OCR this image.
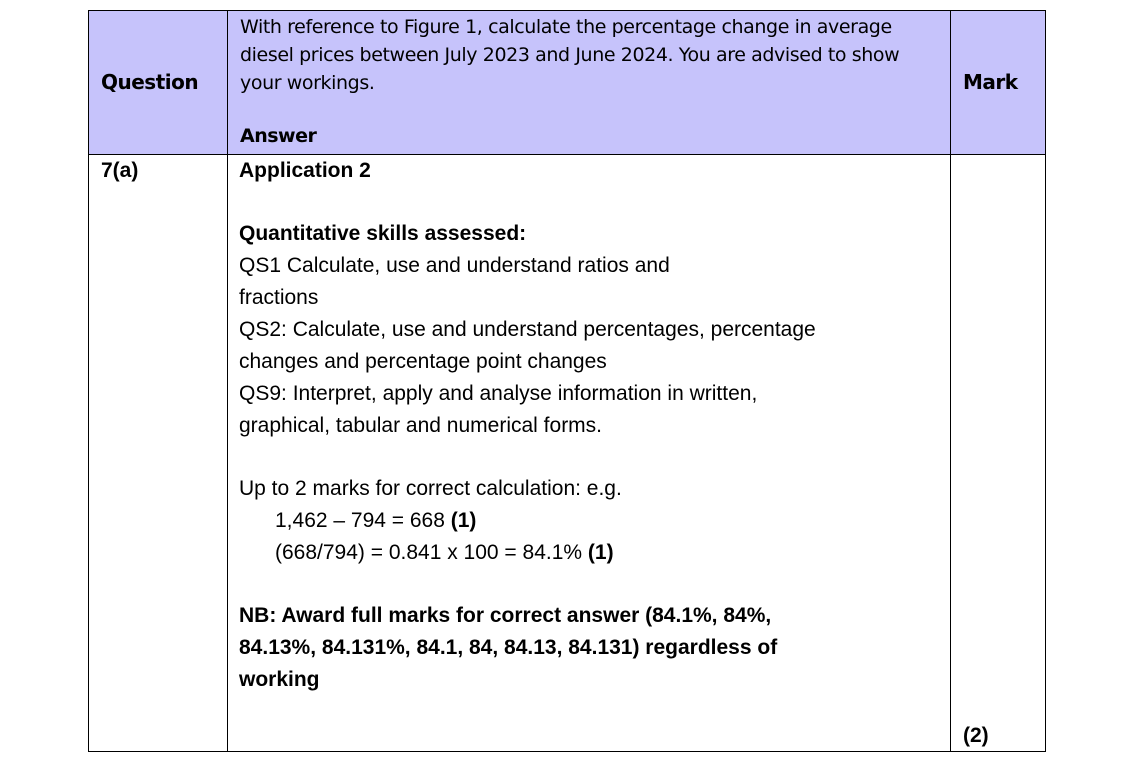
Question
With reference to Figure 1, calculate the percentage change in average
diesel prices between July 2023 and June 2024. You are advised to show
your workings.
Answer
Mark
7(a)	Application 2

Quantitative skills assessed:

QS1 Calculate, use and understand ratios and

fractions

QS2: Calculate, use and understand percentages, percentage

changes and percentage point changes

QS9: Interpret, apply and analyse information in written,

graphical, tabular and numerical forms.

Up to 2 marks for correct calculation: e.g.

1,462 – 794 = 668 (1)

(668/794) = 0.841 x 100 = 84.1% (1)

NB: Award full marks for correct answer (84.1%, 84%,

84.13%, 84.131%, 84.1, 84, 84.13, 84.131) regardless of

working

(2)
